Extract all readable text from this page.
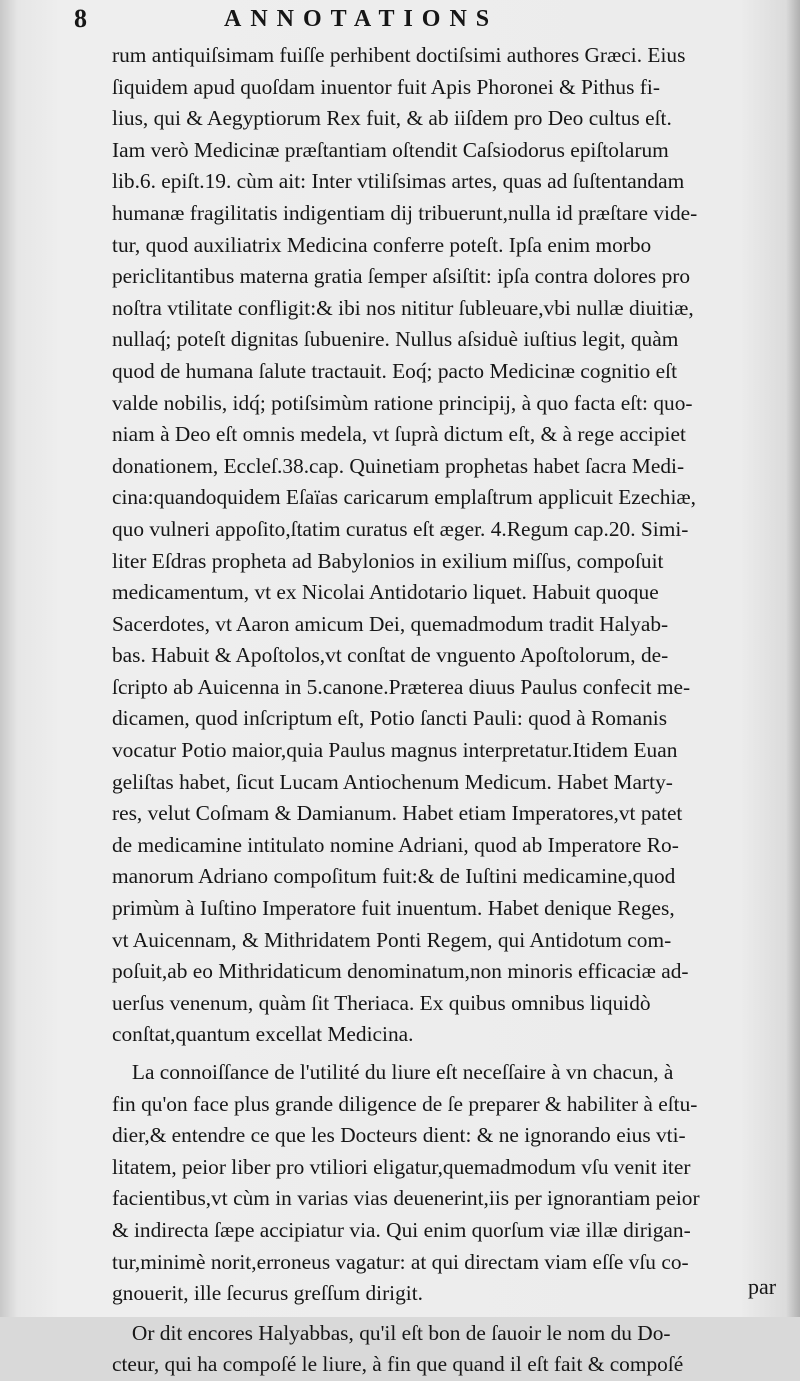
8	ANNOTATIONS
rum antiquiſsimam fuiſſe perhibent doctiſsimi authores Græci. Eius
ſiquidem apud quoſdam inuentor fuit Apis Phoronei & Pithus fi-
lius, qui & Aegyptiorum Rex fuit, & ab iiſdem pro Deo cultus eſt.
Iam verò Medicinæ præſtantiam oſtendit Caſsiodorus epiſtolarum
lib.6. epiſt.19. cùm ait: Inter vtiliſsimas artes, quas ad ſuſtentandam
humanæ fragilitatis indigentiam dij tribuerunt,nulla id præſtare vide-
tur, quod auxiliatrix Medicina conferre poteſt. Ipſa enim morbo
periclitantibus materna gratia ſemper aſsiſtit: ipſa contra dolores pro
noſtra vtilitate confligit:& ibi nos nititur ſubleuare,vbi nullæ diuitiæ,
nullaq́; poteſt dignitas ſubuenire. Nullus aſsiduè iuſtius legit, quàm
quod de humana ſalute tractauit. Eoq́; pacto Medicinæ cognitio eſt
valde nobilis, idq́; potiſsimùm ratione principij, à quo facta eſt: quo-
niam à Deo eſt omnis medela, vt ſuprà dictum eſt, & à rege accipiet
donationem, Ecclеſ.38.cap. Quinetiam prophetas habet ſacra Medi-
cina:quandoquidem Eſaïas caricarum emplaſtrum applicuit Ezechiæ,
quo vulneri appoſito,ſtatim curatus eſt æger. 4.Regum cap.20. Simi-
liter Eſdras propheta ad Babylonios in exilium miſſus, compoſuit
medicamentum, vt ex Nicolai Antidotario liquet. Habuit quoque
Sacerdotes, vt Aaron amicum Dei, quemadmodum tradit Halyab-
bas. Habuit & Apoſtolos,vt conſtat de vnguento Apoſtolorum, de-
ſcripto ab Auicenna in 5.canone.Præterea diuus Paulus confecit me-
dicamen, quod inſcriptum eſt, Potio ſancti Pauli: quod à Romanis
vocatur Potio maior,quia Paulus magnus interpretatur.Itidem Euan
geliſtas habet, ſicut Lucam Antiochenum Medicum. Habet Marty-
res, velut Coſmam & Damianum. Habet etiam Imperatores,vt patet
de medicamine intitulato nomine Adriani, quod ab Imperatore Ro-
manorum Adriano compoſitum fuit:& de Iuſtini medicamine,quod
primùm à Iuſtino Imperatore fuit inuentum. Habet denique Reges,
vt Auicennam, & Mithridatem Ponti Regem, qui Antidotum com-
poſuit,ab eo Mithridaticum denominatum,non minoris efficaciæ ad-
uerſus venenum, quàm ſit Theriaca. Ex quibus omnibus liquidò
conſtat,quantum excellat Medicina.
La connoiſſance de l'utilité du liure eſt neceſſaire à vn chacun, à
fin qu'on face plus grande diligence de ſe preparer & habiliter à eſtu-
dier,& entendre ce que les Docteurs dient: & ne ignorando eius vti-
litatem, peior liber pro vtiliori eligatur,quemadmodum vſu venit iter
facientibus,vt cùm in varias vias deuenerint,iis per ignorantiam peior
& indirecta ſæpe accipiatur via. Qui enim quorſum viæ illæ dirigan-
tur,minimè norit,erroneus vagatur: at qui directam viam eſſe vſu co-
gnouerit, ille ſecurus greſſum dirigit.
Or dit encores Halyabbas, qu'il eſt bon de ſauoir le nom du Do-
cteur, qui ha compoſé le liure, à fin que quand il eſt fait & compoſé
par
